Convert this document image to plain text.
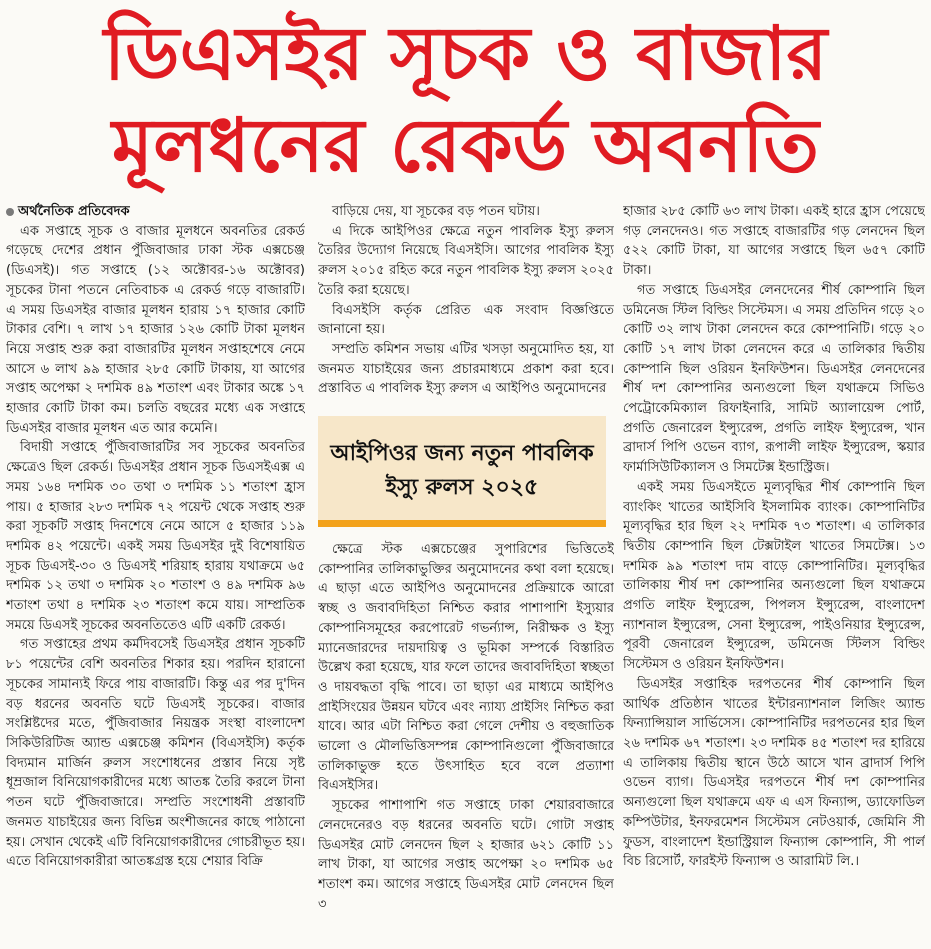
ডিএসইর সূচক ও বাজার
মূলধনের রেকর্ড অবনতি

অর্থনৈতিক প্রতিবেদক

এক সপ্তাহে সূচক ও বাজার মূলধনে অবনতির রেকর্ড গড়েছে দেশের প্রধান পুঁজিবাজার ঢাকা স্টক এক্সচেঞ্জ (ডিএসই)। গত সপ্তাহে (১২ অক্টোবর-১৬ অক্টোবর) সূচকের টানা পতনে নেতিবাচক এ রেকর্ড গড়ে বাজারটি। এ সময় ডিএসইর বাজার মূলধন হারায় ১৭ হাজার কোটি টাকার বেশি। ৭ লাখ ১৭ হাজার ১২৬ কোটি টাকা মূলধন নিয়ে সপ্তাহ শুরু করা বাজারটির মূলধন সপ্তাহশেষে নেমে আসে ৬ লাখ ৯৯ হাজার ২৮৫ কোটি টাকায়, যা আগের সপ্তাহ অপেক্ষা ২ দশমিক ৪৯ শতাংশ এবং টাকার অঙ্কে ১৭ হাজার কোটি টাকা কম। চলতি বছরের মধ্যে এক সপ্তাহে ডিএসইর বাজার মূলধন এত আর কমেনি।

বিদায়ী সপ্তাহে পুঁজিবাজারটির সব সূচকের অবনতির ক্ষেত্রেও ছিল রেকর্ড। ডিএসইর প্রধান সূচক ডিএসইএক্স এ সময় ১৬৪ দশমিক ৩০ তথা ৩ দশমিক ১১ শতাংশ হ্রাস পায়। ৫ হাজার ২৮৩ দশমিক ৭২ পয়েন্ট থেকে সপ্তাহ শুরু করা সূচকটি সপ্তাহ দিনশেষে নেমে আসে ৫ হাজার ১১৯ দশমিক ৪২ পয়েন্টে। একই সময় ডিএসইর দুই বিশেষায়িত সূচক ডিএসই-৩০ ও ডিএসই শরিয়াহ হারায় যথাক্রমে ৬৫ দশমিক ১২ তথা ৩ দশমিক ২০ শতাংশ ও ৪৯ দশমিক ৯৬ শতাংশ তথা ৪ দশমিক ২৩ শতাংশ কমে যায়। সাম্প্রতিক সময়ে ডিএসই সূচকের অবনতিতেও এটি একটি রেকর্ড।

গত সপ্তাহের প্রথম কর্মদিবসেই ডিএসইর প্রধান সূচকটি ৮১ পয়েন্টের বেশি অবনতির শিকার হয়। পরদিন হারানো সূচকের সামান্যই ফিরে পায় বাজারটি। কিন্তু এর পর দু'দিন বড় ধরনের অবনতি ঘটে ডিএসই সূচকের। বাজার সংশ্লিষ্টদের মতে, পুঁজিবাজার নিয়ন্ত্রক সংস্থা বাংলাদেশ সিকিউরিটিজ অ্যান্ড এক্সচেঞ্জ কমিশন (বিএসইসি) কর্তৃক বিদ্যমান মার্জিন রুলস সংশোধনের প্রস্তাব নিয়ে সৃষ্ট ধূম্রজাল বিনিয়োগকারীদের মধ্যে আতঙ্ক তৈরি করলে টানা পতন ঘটে পুঁজিবাজারে। সম্প্রতি সংশোধনী প্রস্তাবটি জনমত যাচাইয়ের জন্য বিভিন্ন অংশীজনের কাছে পাঠানো হয়। সেখান থেকেই এটি বিনিয়োগকারীদের গোচরীভূত হয়। এতে বিনিয়োগকারীরা আতঙ্কগ্রস্ত হয়ে শেয়ার বিক্রি

বাড়িয়ে দেয়, যা সূচকের বড় পতন ঘটায়।

এ দিকে আইপিওর ক্ষেত্রে নতুন পাবলিক ইস্যু রুলস তৈরির উদ্যোগ নিয়েছে বিএসইসি। আগের পাবলিক ইস্যু রুলস ২০১৫ রহিত করে নতুন পাবলিক ইস্যু রুলস ২০২৫ তৈরি করা হয়েছে।

বিএসইসি কর্তৃক প্রেরিত এক সংবাদ বিজ্ঞপ্তিতে জানানো হয়।

সম্প্রতি কমিশন সভায় এটির খসড়া অনুমোদিত হয়, যা জনমত যাচাইয়ের জন্য প্রচারমাধ্যমে প্রকাশ করা হবে। প্রস্তাবিত এ পাবলিক ইস্যু রুলস এ আইপিও অনুমোদনের

আইপিওর জন্য নতুন পাবলিক
ইস্যু রুলস ২০২৫

ক্ষেত্রে স্টক এক্সচেঞ্জের সুপারিশের ভিত্তিতেই কোম্পানির তালিকাভুক্তির অনুমোদনের কথা বলা হয়েছে। এ ছাড়া এতে আইপিও অনুমোদনের প্রক্রিয়াকে আরো স্বচ্ছ ও জবাবদিহিতা নিশ্চিত করার পাশাপাশি ইস্যুয়ার কোম্পানিসমূহের করপোরেট গভর্ন্যান্স, নিরীক্ষক ও ইস্যু ম্যানেজারদের দায়দায়িত্ব ও ভূমিকা সম্পর্কে বিস্তারিত উল্লেখ করা হয়েছে, যার ফলে তাদের জবাবদিহিতা স্বচ্ছতা ও দায়বদ্ধতা বৃদ্ধি পাবে। তা ছাড়া এর মাধ্যমে আইপিও প্রাইসিংয়ের উন্নয়ন ঘটবে এবং ন্যায্য প্রাইসিং নিশ্চিত করা যাবে। আর এটা নিশ্চিত করা গেলে দেশীয় ও বহুজাতিক ভালো ও মৌলভিত্তিসম্পন্ন কোম্পানিগুলো পুঁজিবাজারে তালিকাভুক্ত হতে উৎসাহিত হবে বলে প্রত্যাশা বিএসইসির।

সূচকের পাশাপাশি গত সপ্তাহে ঢাকা শেয়ারবাজারে লেনদেনেরও বড় ধরনের অবনতি ঘটে। গোটা সপ্তাহ ডিএসইর মোট লেনদেন ছিল ২ হাজার ৬২১ কোটি ১১ লাখ টাকা, যা আগের সপ্তাহ অপেক্ষা ২০ দশমিক ৬৫ শতাংশ কম। আগের সপ্তাহে ডিএসইর মোট লেনদেন ছিল ৩

হাজার ২৮৫ কোটি ৬৩ লাখ টাকা। একই হারে হ্রাস পেয়েছে গড় লেনদেনও। গত সপ্তাহে বাজারটির গড় লেনদেন ছিল ৫২২ কোটি টাকা, যা আগের সপ্তাহে ছিল ৬৫৭ কোটি টাকা।

গত সপ্তাহে ডিএসইর লেনদেনের শীর্ষ কোম্পানি ছিল ডমিনেজ স্টিল বিল্ডিং সিস্টেমস। এ সময় প্রতিদিন গড়ে ২০ কোটি ৩২ লাখ টাকা লেনদেন করে কোম্পানিটি। গড়ে ২০ কোটি ১৭ লাখ টাকা লেনদেন করে এ তালিকার দ্বিতীয় কোম্পানি ছিল ওরিয়ন ইনফিউশন। ডিএসইর লেনদেনের শীর্ষ দশ কোম্পানির অন্যগুলো ছিল যথাক্রমে সিভিও পেট্রোকেমিক্যাল রিফাইনারি, সামিট অ্যালায়েন্স পোর্ট, প্রগতি জেনারেল ইন্স্যুরেন্স, প্রগতি লাইফ ইন্স্যুরেন্স, খান ব্রাদার্স পিপি ওভেন ব্যাগ, রূপালী লাইফ ইন্স্যুরেন্স, স্কয়ার ফার্মাসিউটিক্যালস ও সিমটেক্স ইন্ডাস্ট্রিজ।

একই সময় ডিএসইতে মূল্যবৃদ্ধির শীর্ষ কোম্পানি ছিল ব্যাংকিং খাতের আইসিবি ইসলামিক ব্যাংক। কোম্পানিটির মূল্যবৃদ্ধির হার ছিল ২২ দশমিক ৭৩ শতাংশ। এ তালিকার দ্বিতীয় কোম্পানি ছিল টেক্সটাইল খাতের সিমটেক্স। ১৩ দশমিক ৯৯ শতাংশ দাম বাড়ে কোম্পানিটির। মূল্যবৃদ্ধির তালিকায় শীর্ষ দশ কোম্পানির অন্যগুলো ছিল যথাক্রমে প্রগতি লাইফ ইন্স্যুরেন্স, পিপলস ইন্স্যুরেন্স, বাংলাদেশ ন্যাশনাল ইন্স্যুরেন্স, সেনা ইন্স্যুরেন্স, পাইওনিয়ার ইন্স্যুরেন্স, পূরবী জেনারেল ইন্স্যুরেন্স, ডমিনেজ স্টিলস বিল্ডিং সিস্টেমস ও ওরিয়ন ইনফিউশন।

ডিএসইর সপ্তাহিক দরপতনের শীর্ষ কোম্পানি ছিল আর্থিক প্রতিষ্ঠান খাতের ইন্টারন্যাশনাল লিজিং অ্যান্ড ফিন্যান্সিয়াল সার্ভিসেস। কোম্পানিটির দরপতনের হার ছিল ২৬ দশমিক ৬৭ শতাংশ। ২৩ দশমিক ৪৫ শতাংশ দর হারিয়ে এ তালিকায় দ্বিতীয় স্থানে উঠে আসে খান ব্রাদার্স পিপি ওভেন ব্যাগ। ডিএসইর দরপতনে শীর্ষ দশ কোম্পানির অন্যগুলো ছিল যথাক্রমে এফ এ এস ফিন্যান্স, ড্যাফোডিল কম্পিউটার, ইনফরমেশন সিস্টেমস নেটওয়ার্ক, জেমিনি সী ফুডস, বাংলাদেশ ইন্ডাস্ট্রিয়াল ফিন্যান্স কোম্পানি, সী পার্ল বিচ রিসোর্ট, ফারইস্ট ফিন্যান্স ও আরামিট লি.।
